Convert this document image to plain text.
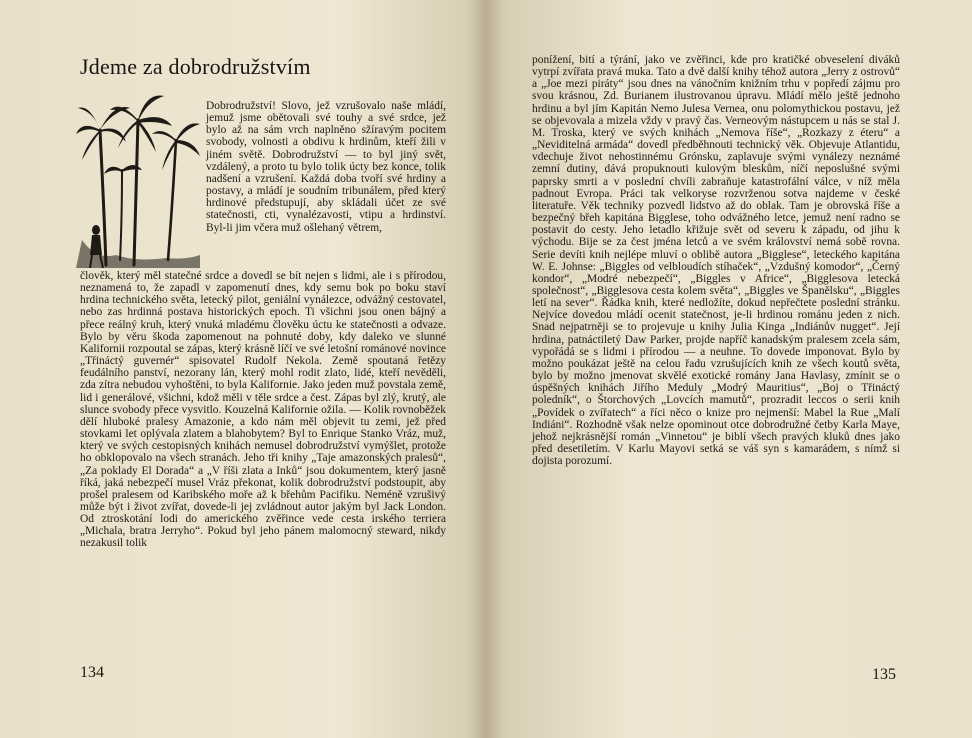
Jdeme za dobrodružstvím

Dobrodružství! Slovo, jež vzrušovalo naše mládí, jemuž jsme obětovali své touhy a své srdce, jež bylo až na sám vrch naplněno sžíravým pocitem svobody, volnosti a obdivu k hrdinům, kteří žili v jiném světě. Dobrodružství — to byl jiný svět, vzdálený, a proto tu bylo tolik úcty bez konce, tolik nadšení a vzrušení. Každá doba tvoří své hrdiny a postavy, a mládí je soudním tribunálem, před který hrdinové předstupují, aby skládali účet ze své statečnosti, cti, vynalézavosti, vtipu a hrdinství. Byl-li jim včera muž ošlehaný větrem,

člověk, který měl statečné srdce a dovedl se bít nejen s lidmi, ale i s přírodou, neznamená to, že zapadl v zapomenutí dnes, kdy semu bok po boku staví hrdina technického světa, letecký pilot, geniální vynálezce, odvážný cestovatel, nebo zas hrdinná postava historických epoch. Ti všichni jsou onen bájný a přece reálný kruh, který vnuká mladému člověku úctu ke statečnosti a odvaze. Bylo by věru škoda zapomenout na pohnuté doby, kdy daleko ve slunné Kalifornii rozpoutal se zápas, který krásně líčí ve své letošní románové novince „Třináctý guvernér“ spisovatel Rudolf Nekola. Země spoutaná řetězy feudálního panství, nezorany lán, který mohl rodit zlato, lidé, kteří nevěděli, zda zítra nebudou vyhoštěni, to byla Kalifornie. Jako jeden muž povstala země, lid i generálové, všichni, kdož měli v těle srdce a čest. Zápas byl zlý, krutý, ale slunce svobody přece vysvitlo. Kouzelná Kalifornie ožila. — Kolik rovnoběžek dělí hluboké pralesy Amazonie, a kdo nám měl objevit tu zemi, jež před stovkami let oplývala zlatem a blahobytem? Byl to Enrique Stanko Vráz, muž, který ve svých cestopisných knihách nemusel dobrodružství vymýšlet, protože ho obklopovalo na všech stranách. Jeho tři knihy „Taje amazonských pralesů“, „Za poklady El Dorada“ a „V říši zlata a Inků“ jsou dokumentem, který jasně říká, jaká nebezpečí musel Vráz překonat, kolik dobrodružství podstoupit, aby prošel pralesem od Karibského moře až k břehům Pacifiku. Neméně vzrušivý může být i život zvířat, dovede-li jej zvládnout autor jakým byl Jack London. Od ztroskotání lodi do amerického zvěřince vede cesta irského terriera „Michala, bratra Jerryho“. Pokud byl jeho pánem malomocný steward, nikdy nezakusil tolik

134

ponížení, bití a týrání, jako ve zvěřinci, kde pro kratičké obveselení diváků vytrpí zvířata pravá muka. Tato a dvě další knihy téhož autora „Jerry z ostrovů“ a „Joe mezi piráty“ jsou dnes na vánočním knižním trhu v popředí zájmu pro svou krásnou, Zd. Burianem ilustrovanou úpravu. Mládí mělo ještě jednoho hrdinu a byl jím Kapitán Nemo Julesa Vernea, onu polomythickou postavu, jež se objevovala a mizela vždy v pravý čas. Verneovým nástupcem u nás se stal J. M. Troska, který ve svých knihách „Nemova říše“, „Rozkazy z éteru“ a „Neviditelná armáda“ dovedl předběhnouti technický věk. Objevuje Atlantidu, vdechuje život nehostinnému Grónsku, zaplavuje svými vynálezy neznámé zemní dutiny, dává propuknouti kulovým bleskům, níčí neposlušné svými paprsky smrti a v poslední chvíli zabraňuje katastrofální válce, v níž měla padnout Evropa. Práci tak velkoryse rozvrženou sotva najdeme v české literatuře. Věk techniky pozvedl lidstvo až do oblak. Tam je obrovská říše a bezpečný břeh kapitána Bigglese, toho odvážného letce, jemuž není radno se postavit do cesty. Jeho letadlo křižuje svět od severu k západu, od jihu k východu. Bije se za čest jména letců a ve svém království nemá sobě rovna. Serie devíti knih nejlépe mluví o oblibě autora „Bigglese“, leteckého kapitána W. E. Johnse: „Biggles od velbloudích stíhaček“, „Vzdušný komodor“, „Černý kondor“, „Modré nebezpečí“, „Biggles v Africe“, „Bigglesova letecká společnost“, „Bigglesova cesta kolem světa“, „Biggles ve Španělsku“, „Biggles letí na sever“. Řádka knih, které nedložíte, dokud nepřečtete poslední stránku. Nejvíce dovedou mládí ocenit statečnost, je-li hrdinou románu jeden z nich. Snad nejpatrněji se to projevuje u knihy Julia Kinga „Indiánův nugget“. Její hrdina, patnáctiletý Daw Parker, projde napříč kanadským pralesem zcela sám, vypořádá se s lidmi i přírodou — a neuhne. To dovede imponovat. Bylo by možno poukázat ještě na celou řadu vzrušujících knih ze všech koutů světa, bylo by možno jmenovat skvělé exotické romány Jana Havlasy, zmínit se o úspěšných knihách Jiřího Meduly „Modrý Mauritius“, „Boj o Třináctý poledník“, o Štorchových „Lovcích mamutů“, prozradit leccos o serii knih „Povídek o zvířatech“ a říci něco o knize pro nejmenší: Mabel la Rue „Malí Indiáni“. Rozhodně však nelze opominout otce dobrodružné četby Karla Maye, jehož nejkrásnější román „Vinnetou“ je biblí všech pravých kluků dnes jako před desetiletím. V Karlu Mayovi setká se váš syn s kamarádem, s nímž si dojista porozumí.

135
